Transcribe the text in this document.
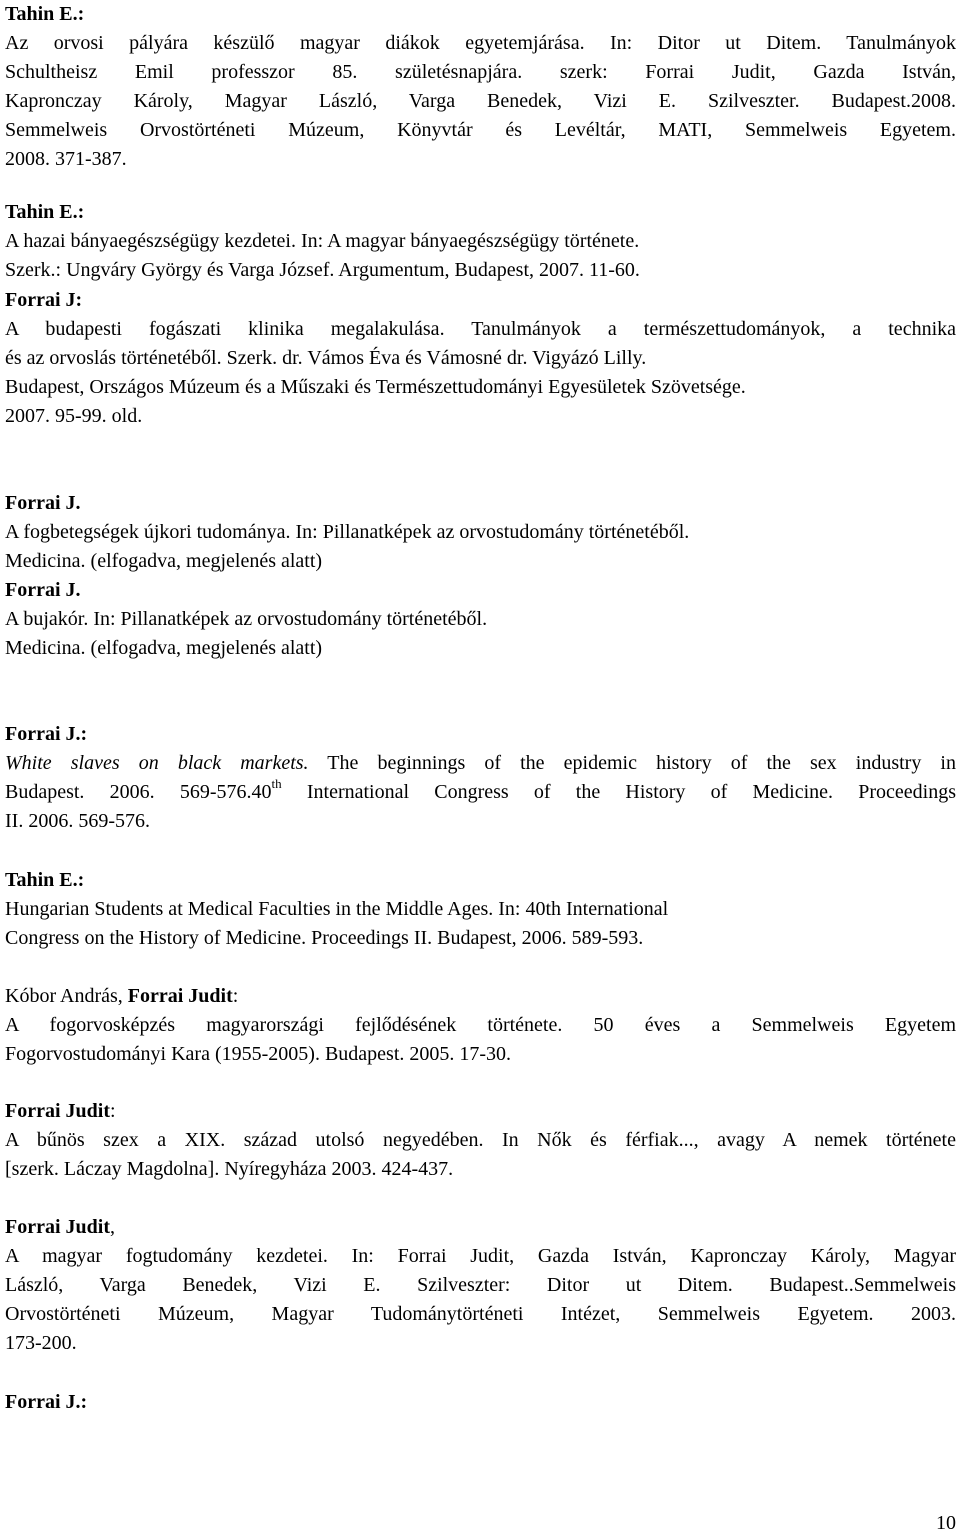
Tahin E.:
Az orvosi pályára készülő magyar diákok egyetemjárása. In: Ditor ut Ditem. Tanulmányok
Schultheisz Emil professzor 85. születésnapjára. szerk: Forrai Judit, Gazda István,
Kapronczay Károly, Magyar László, Varga Benedek, Vizi E. Szilveszter. Budapest.2008.
Semmelweis Orvostörténeti Múzeum, Könyvtár és Levéltár, MATI, Semmelweis Egyetem.
2008. 371-387.
Tahin E.:
A hazai bányaegészségügy kezdetei. In: A magyar bányaegészségügy története.
Szerk.: Ungváry György és Varga József. Argumentum, Budapest, 2007. 11-60.
Forrai J:
A budapesti fogászati klinika megalakulása. Tanulmányok a természettudományok, a technika
és az orvoslás történetéből. Szerk. dr. Vámos Éva és Vámosné dr. Vigyázó Lilly.
Budapest, Országos Múzeum és a Műszaki és Természettudományi Egyesületek Szövetsége.
2007. 95-99. old.
Forrai J.
A fogbetegségek újkori tudománya. In: Pillanatképek az orvostudomány történetéből.
Medicina. (elfogadva, megjelenés alatt)
Forrai J.
A bujakór. In: Pillanatképek az orvostudomány történetéből.
Medicina. (elfogadva, megjelenés alatt)
Forrai J.:
White slaves on black markets. The beginnings of the epidemic history of the sex industry in
Budapest. 2006. 569-576.40th International Congress of the History of Medicine. Proceedings
II. 2006. 569-576.
Tahin E.:
Hungarian Students at Medical Faculties in the Middle Ages. In: 40th International
Congress on the History of Medicine. Proceedings II. Budapest, 2006. 589-593.
Kóbor András, Forrai Judit:
A fogorvosképzés magyarországi fejlődésének története. 50 éves a Semmelweis Egyetem
Fogorvostudományi Kara (1955-2005). Budapest. 2005. 17-30.
Forrai Judit:
A bűnös szex a XIX. század utolsó negyedében. In Nők és férfiak..., avagy A nemek története
[szerk. Láczay Magdolna]. Nyíregyháza 2003. 424-437.
Forrai Judit,
A magyar fogtudomány kezdetei. In: Forrai Judit, Gazda István, Kapronczay Károly, Magyar
László, Varga Benedek, Vizi E. Szilveszter: Ditor ut Ditem. Budapest..Semmelweis
Orvostörténeti Múzeum, Magyar Tudománytörténeti Intézet, Semmelweis Egyetem. 2003.
173-200.
Forrai J.:
10
